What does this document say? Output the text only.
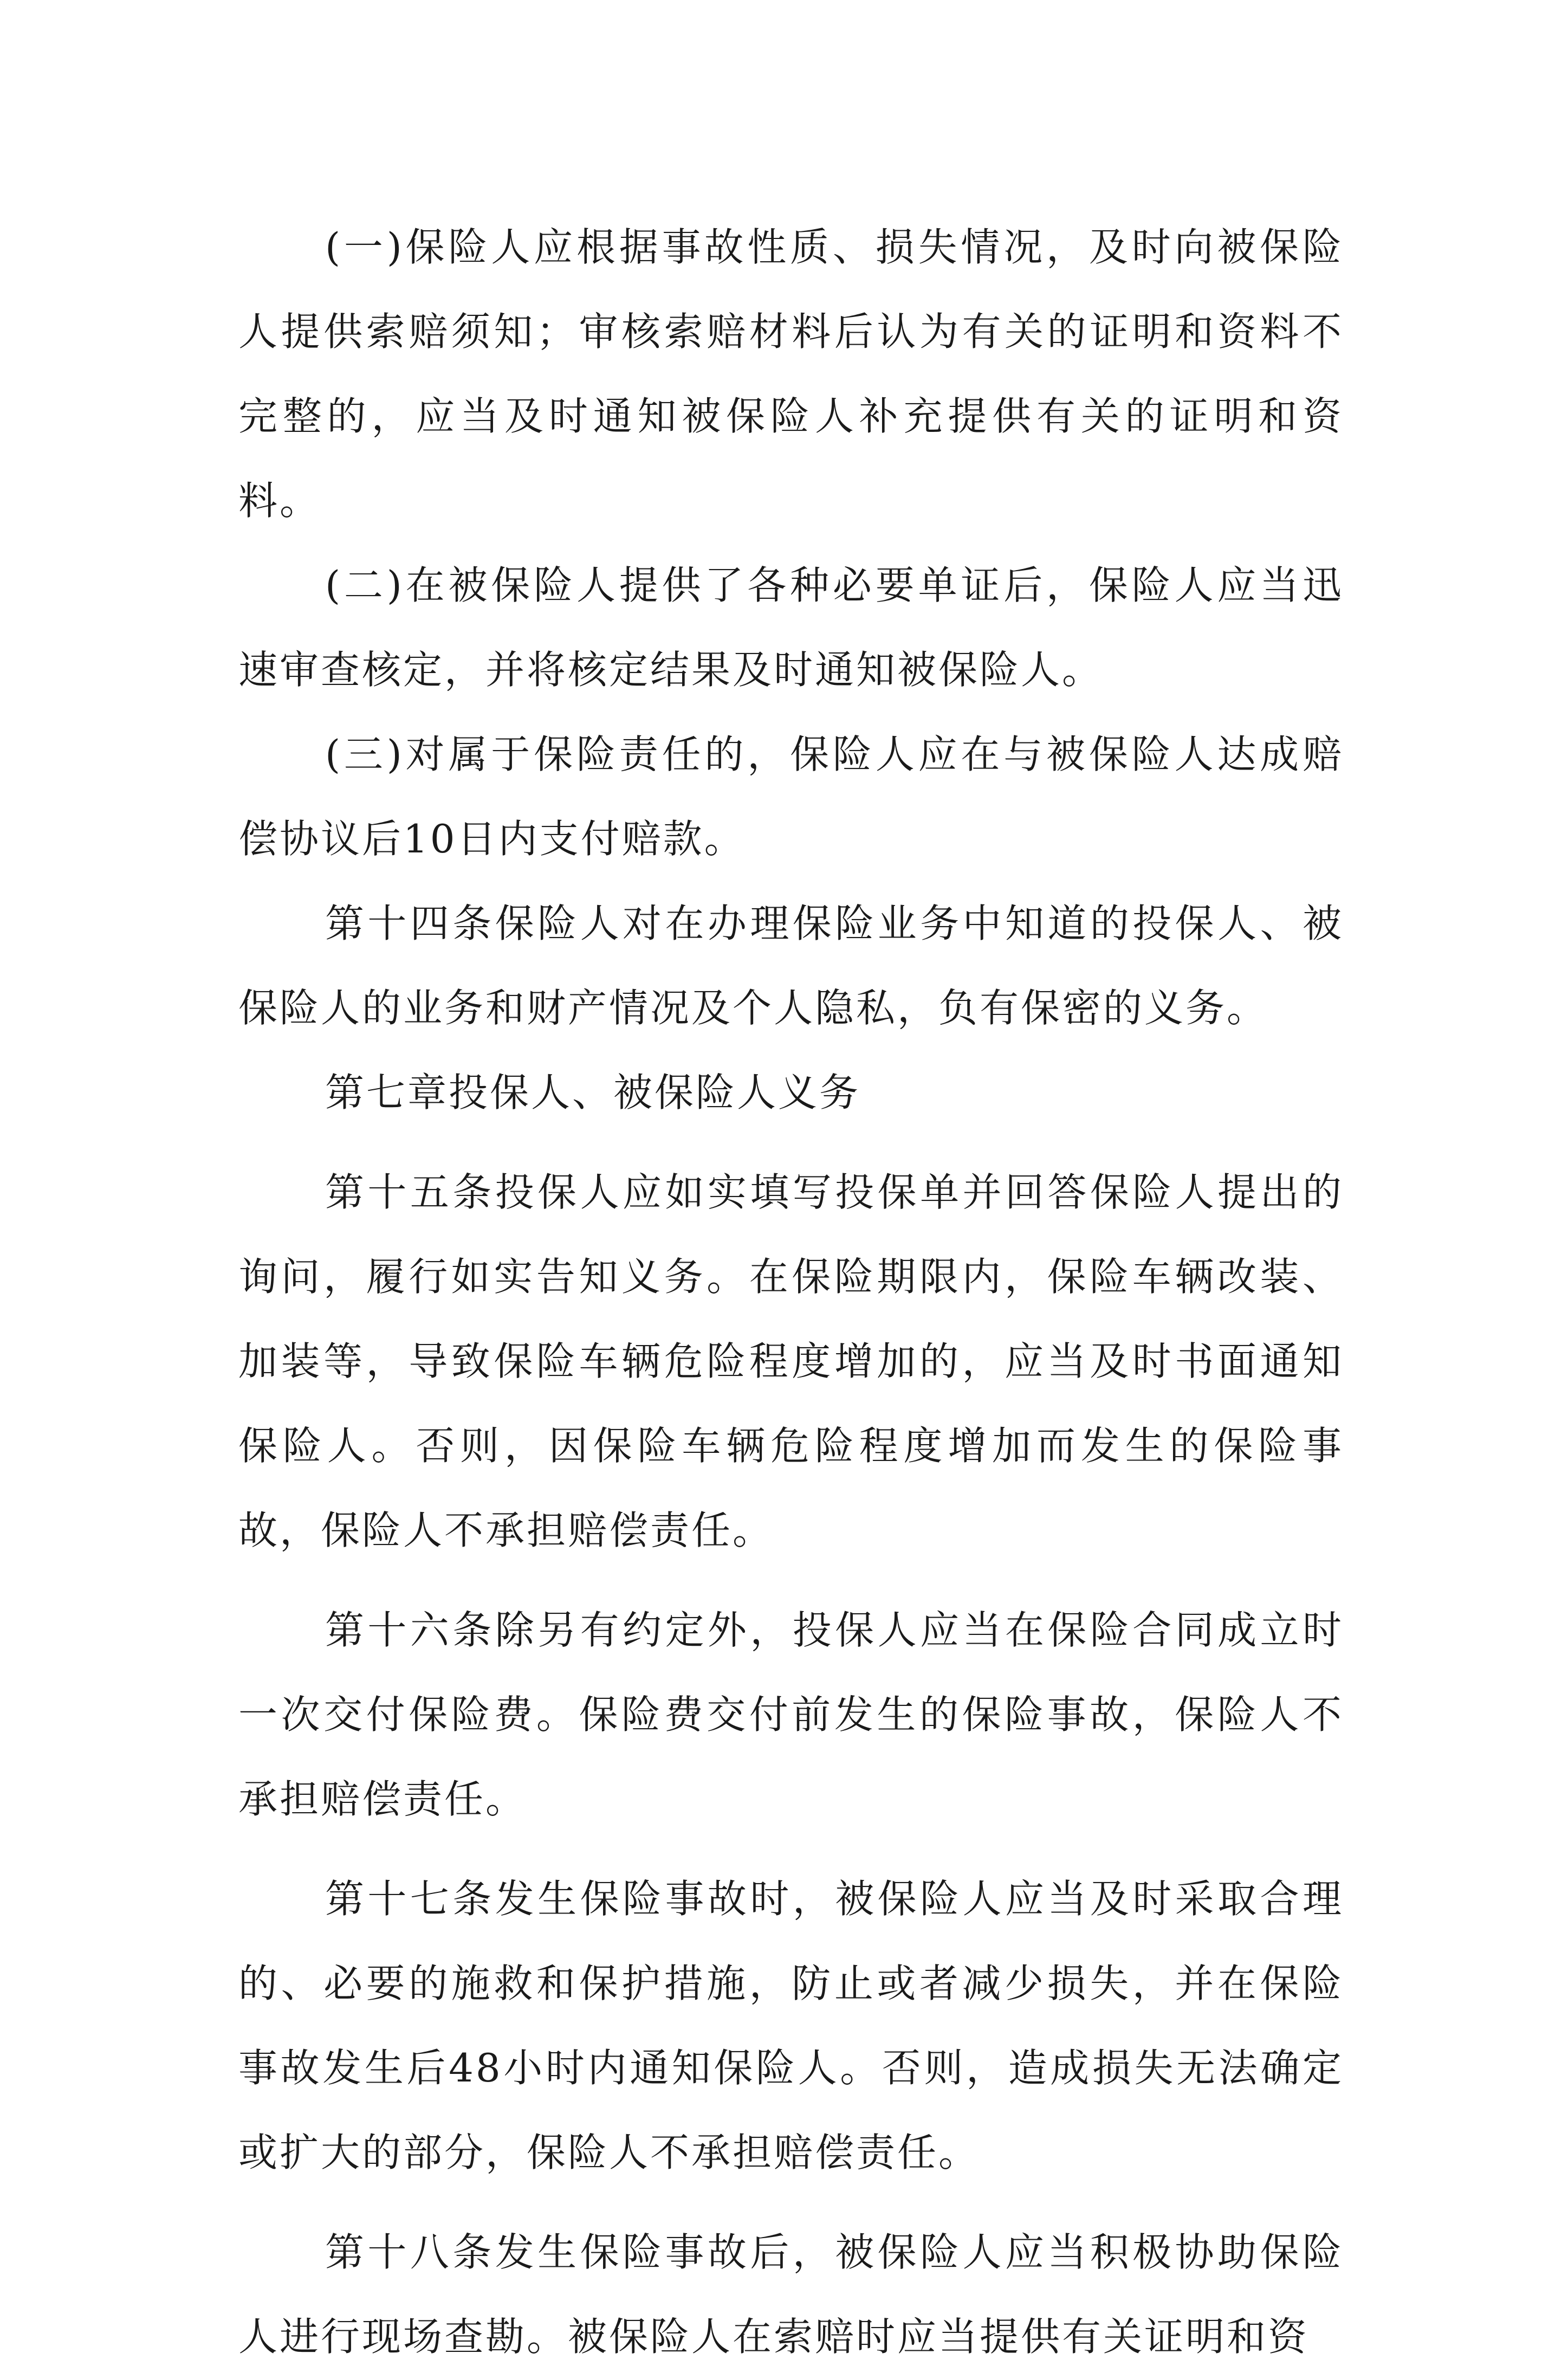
(一)保险人应根据事故性质、损失情况，及时向被保险人提供索赔须知；审核索赔材料后认为有关的证明和资料不完整的，应当及时通知被保险人补充提供有关的证明和资料。

(二)在被保险人提供了各种必要单证后，保险人应当迅速审查核定，并将核定结果及时通知被保险人。

(三)对属于保险责任的，保险人应在与被保险人达成赔偿协议后10日内支付赔款。

第十四条保险人对在办理保险业务中知道的投保人、被保险人的业务和财产情况及个人隐私，负有保密的义务。

第七章投保人、被保险人义务

第十五条投保人应如实填写投保单并回答保险人提出的询问，履行如实告知义务。在保险期限内，保险车辆改装、加装等，导致保险车辆危险程度增加的，应当及时书面通知保险人。否则，因保险车辆危险程度增加而发生的保险事故，保险人不承担赔偿责任。

第十六条除另有约定外，投保人应当在保险合同成立时一次交付保险费。保险费交付前发生的保险事故，保险人不承担赔偿责任。

第十七条发生保险事故时，被保险人应当及时采取合理的、必要的施救和保护措施，防止或者减少损失，并在保险事故发生后48小时内通知保险人。否则，造成损失无法确定或扩大的部分，保险人不承担赔偿责任。

第十八条发生保险事故后，被保险人应当积极协助保险人进行现场查勘。被保险人在索赔时应当提供有关证明和资
